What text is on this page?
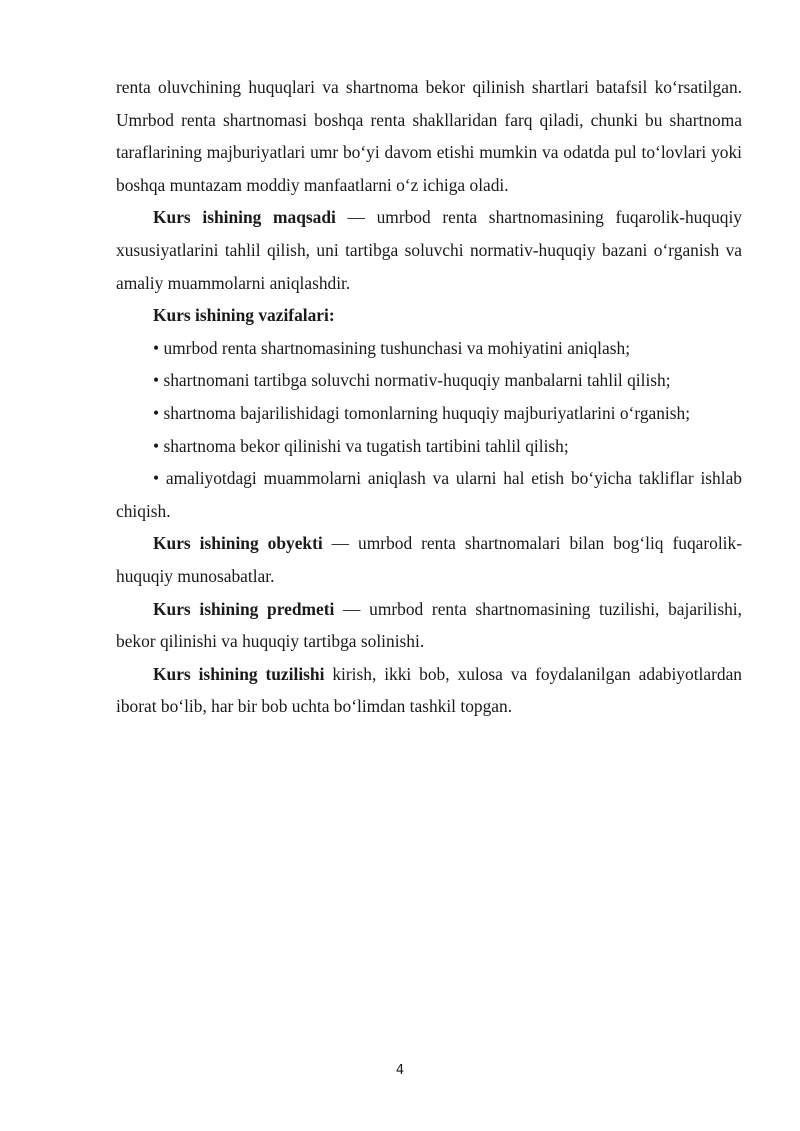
renta oluvchining huquqlari va shartnoma bekor qilinish shartlari batafsil ko‘rsatilgan. Umrbod renta shartnomasi boshqa renta shakllaridan farq qiladi, chunki bu shartnoma taraflarining majburiyatlari umr bo‘yi davom etishi mumkin va odatda pul to‘lovlari yoki boshqa muntazam moddiy manfaatlarni o‘z ichiga oladi.

Kurs ishining maqsadi — umrbod renta shartnomasining fuqarolik-huquqiy xususiyatlarini tahlil qilish, uni tartibga soluvchi normativ-huquqiy bazani o‘rganish va amaliy muammolarni aniqlashdir.

Kurs ishining vazifalari:

• umrbod renta shartnomasining tushunchasi va mohiyatini aniqlash;

• shartnomani tartibga soluvchi normativ-huquqiy manbalarni tahlil qilish;

• shartnoma bajarilishidagi tomonlarning huquqiy majburiyatlarini o‘rganish;

• shartnoma bekor qilinishi va tugatish tartibini tahlil qilish;

• amaliyotdagi muammolarni aniqlash va ularni hal etish bo‘yicha takliflar ishlab chiqish.

Kurs ishining obyekti — umrbod renta shartnomalari bilan bog‘liq fuqarolik-huquqiy munosabatlar.

Kurs ishining predmeti — umrbod renta shartnomasining tuzilishi, bajarilishi, bekor qilinishi va huquqiy tartibga solinishi.

Kurs ishining tuzilishi kirish, ikki bob, xulosa va foydalanilgan adabiyotlardan iborat bo‘lib, har bir bob uchta bo‘limdan tashkil topgan.

4
